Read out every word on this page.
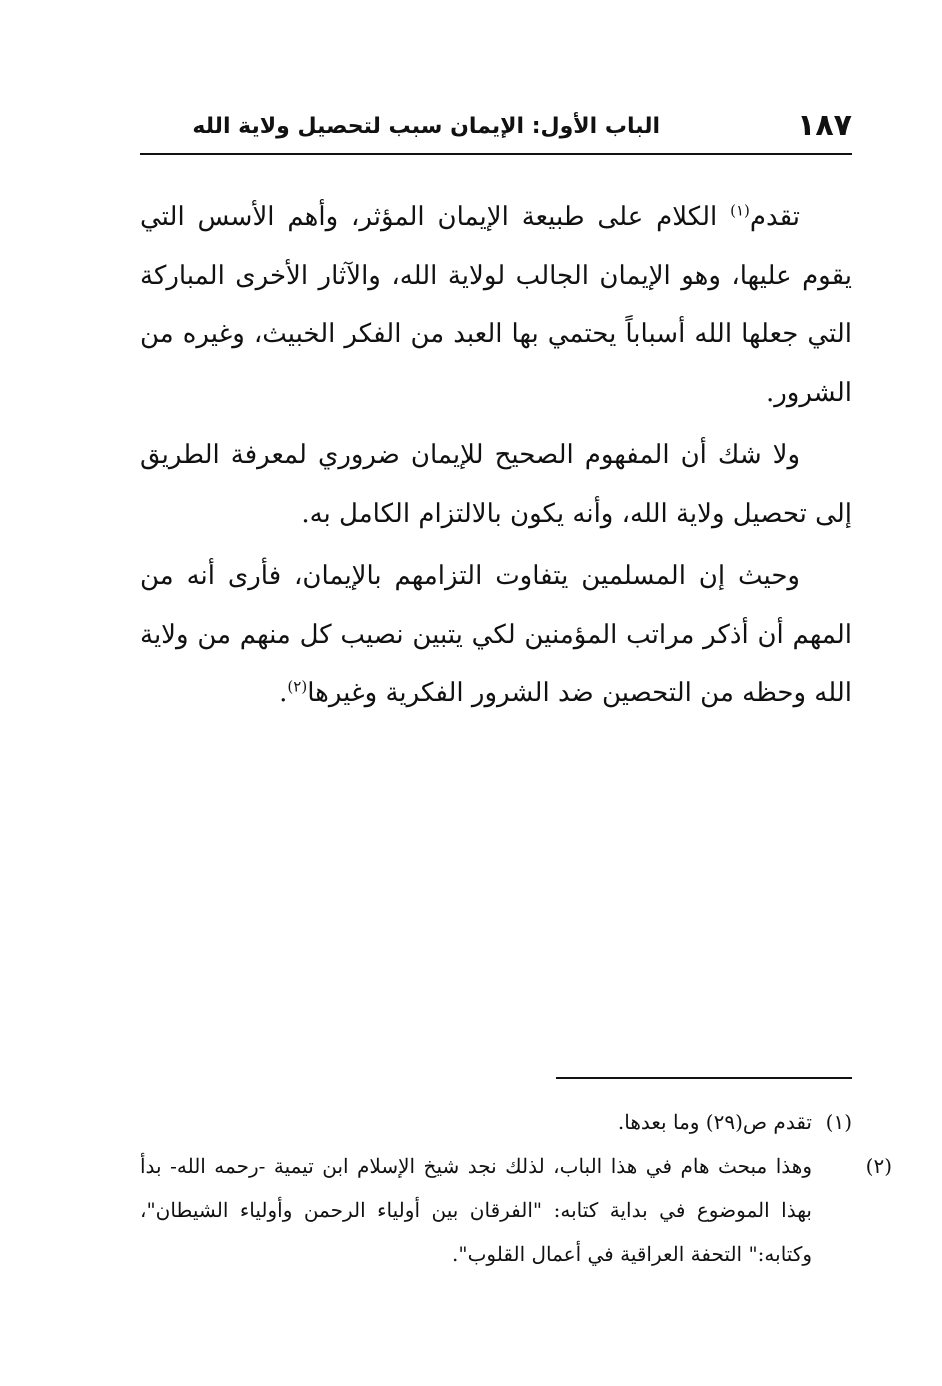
الباب الأول: الإيمان سبب لتحصيل ولاية الله	١٨٧

تقدم$^{(١)}$ الكلام على طبيعة الإيمان المؤثر، وأهم الأسس التي يقوم عليها، وهو الإيمان الجالب لولاية الله، والآثار الأخرى المباركة التي جعلها الله أسباباً يحتمي بها العبد من الفكر الخبيث، وغيره من الشرور.

ولا شك أن المفهوم الصحيح للإيمان ضروري لمعرفة الطريق إلى تحصيل ولاية الله، وأنه يكون بالالتزام الكامل به.

وحيث إن المسلمين يتفاوت التزامهم بالإيمان، فأرى أنه من المهم أن أذكر مراتب المؤمنين لكي يتبين نصيب كل منهم من ولاية الله وحظه من التحصين ضد الشرور الفكرية وغيرها$^{(٢)}$.

(١)تقدم ص(٢٩) وما بعدها.

(٢)وهذا مبحث هام في هذا الباب، لذلك نجد شيخ الإسلام ابن تيمية -رحمه الله- بدأ بهذا الموضوع في بداية كتابه: "الفرقان بين أولياء الرحمن وأولياء الشيطان"، وكتابه:" التحفة العراقية في أعمال القلوب".
